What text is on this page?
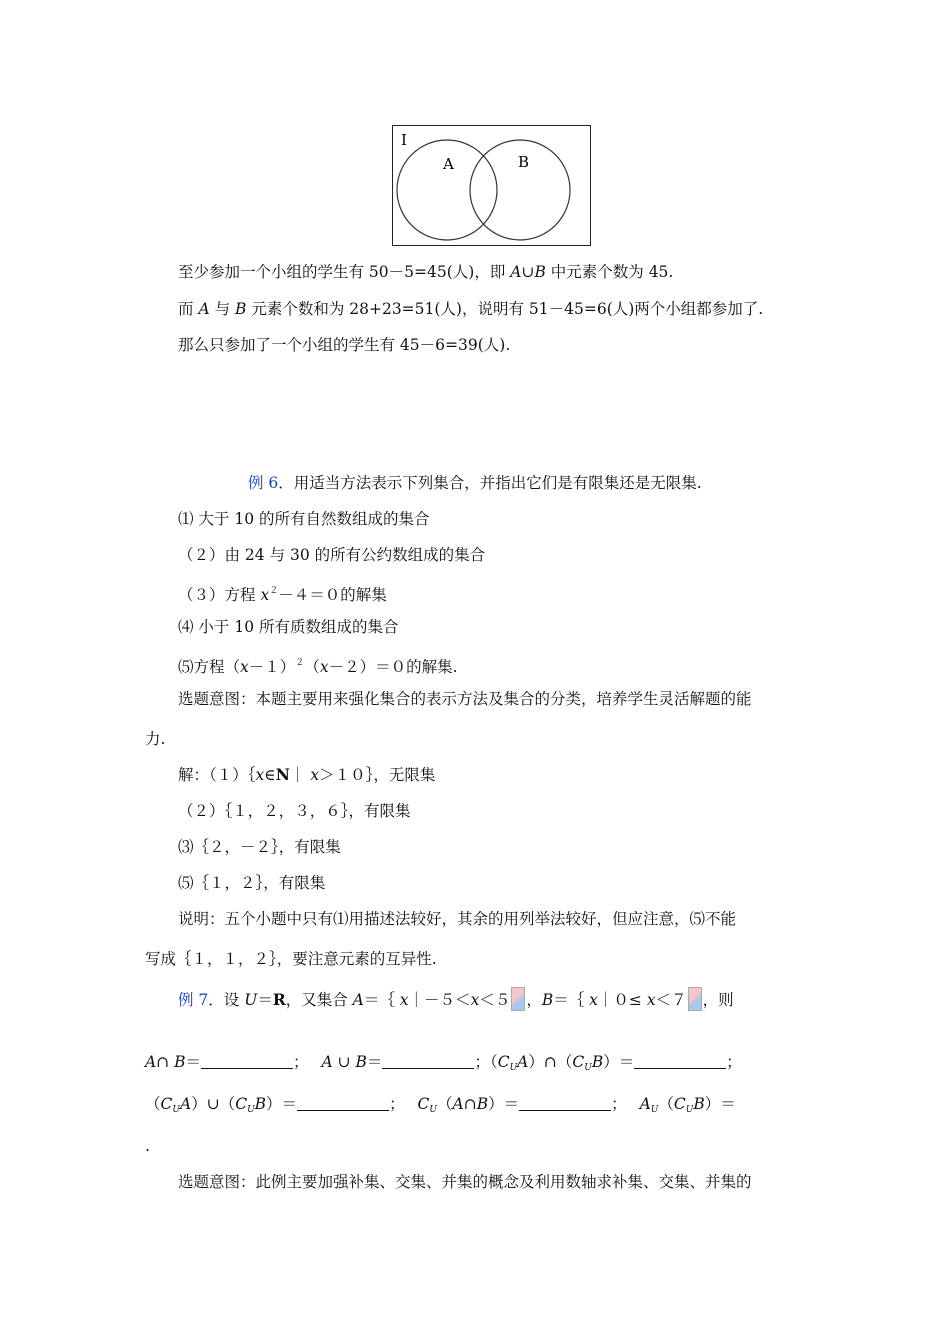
I
A	B
至少参加一个小组的学生有 50－5=45(人)，即 A∪B 中元素个数为 45.
而 A 与 B 元素个数和为 28+23=51(人)，说明有 51－45=6(人)两个小组都参加了.
那么只参加了一个小组的学生有 45－6=39(人).
例 6．用适当方法表示下列集合，并指出它们是有限集还是无限集.
⑴ 大于 10 的所有自然数组成的集合
（２）由 24 与 30 的所有公约数组成的集合
（３）方程 $x^2-4=0$的解集
⑷ 小于 10 所有质数组成的集合
⑸方程$(x-1)^2(x-2)=0$的解集.
选题意图：本题主要用来强化集合的表示方法及集合的分类，培养学生灵活解题的能
力.
解：（１）｛x∈N｜ x＞１０｝，无限集
（２）｛１，２，３，６｝，有限集
⑶｛２，－２｝，有限集
⑸｛１，２｝，有限集
说明：五个小题中只有⑴用描述法较好，其余的用列举法较好，但应注意，⑸不能
写成｛１，１，２｝，要注意元素的互异性.
例 7．设 U＝R，又集合 A＝｛ x｜－５＜x＜５ ，B＝｛ x｜０≤ x＜７ ，则
A∩ B＝	； A ∪ B＝	；$(C_UA)\cap(C_UB)=$	；
$(C_UA)\cup(C_UB)=$	； $C_U(A\cap B)=$	； $A_U(C_UB)=$
.
选题意图：此例主要加强补集、交集、并集的概念及利用数轴求补集、交集、并集的
